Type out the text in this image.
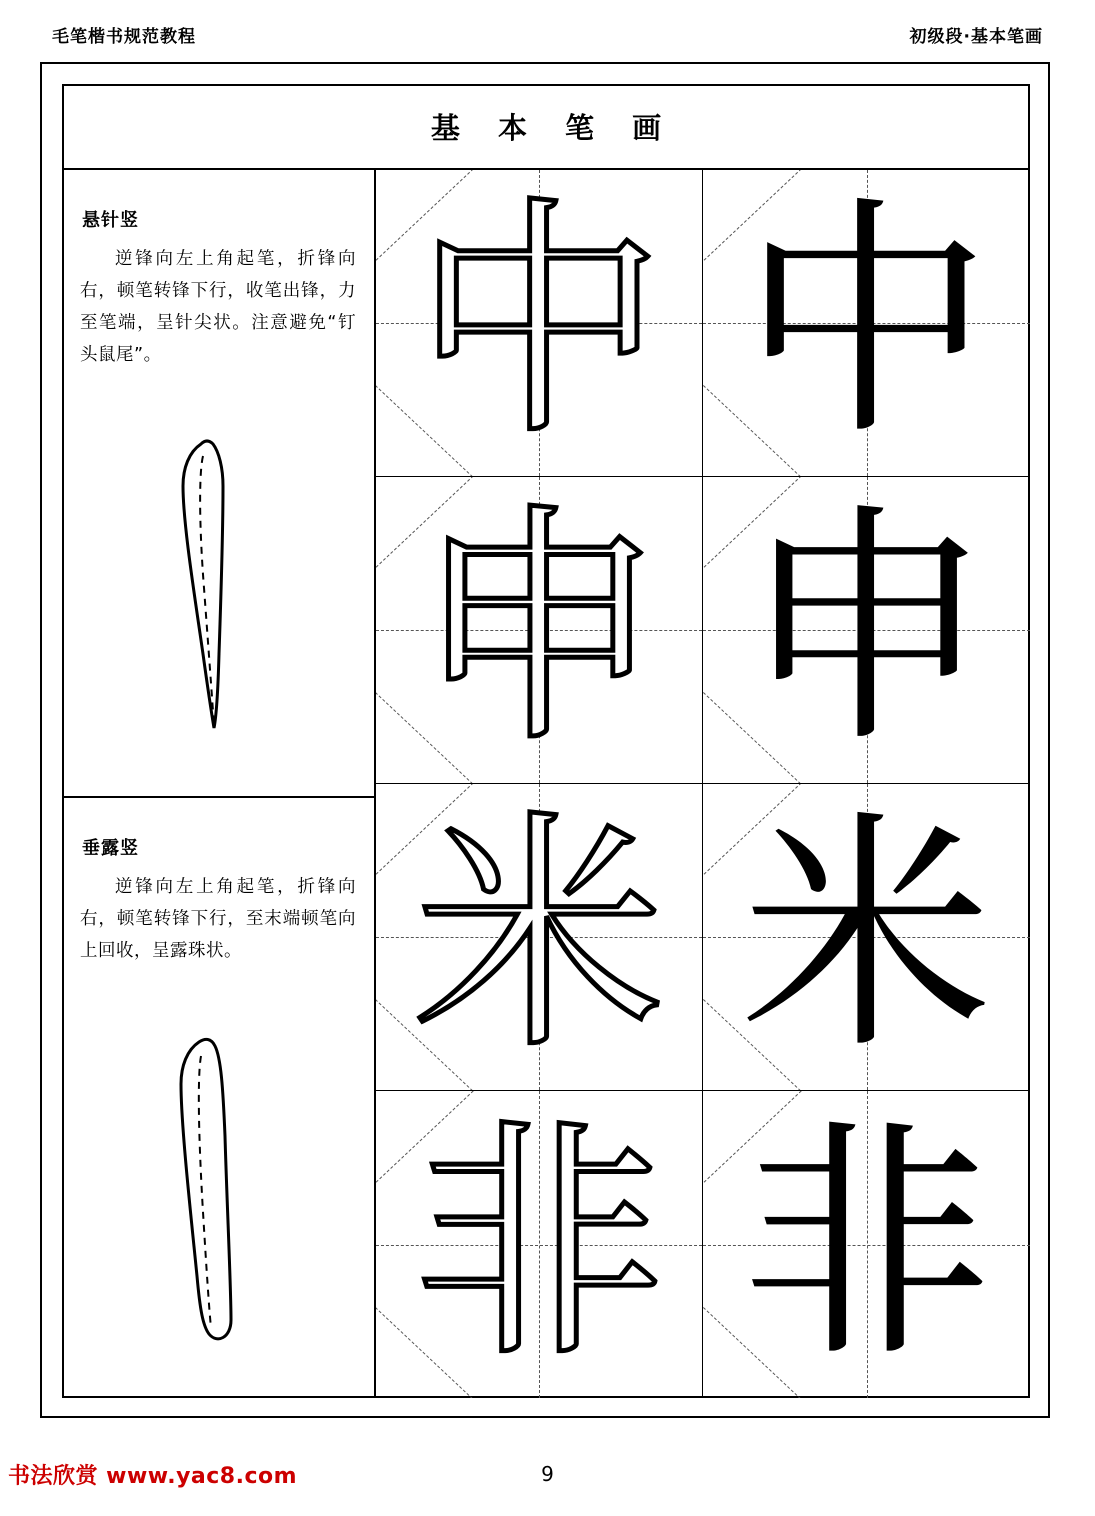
毛笔楷书规范教程	初级段·基本笔画
基 本 笔 画
悬针竖
逆锋向左上角起笔，折锋向右，顿笔转锋下行，收笔出锋，力至笔端，呈针尖状。注意避免“钉头鼠尾”。
垂露竖
逆锋向左上角起笔，折锋向右，顿笔转锋下行，至末端顿笔向上回收，呈露珠状。
中 中
申 申
米 米
非 非
书法欣赏 www.yac8.com	9
